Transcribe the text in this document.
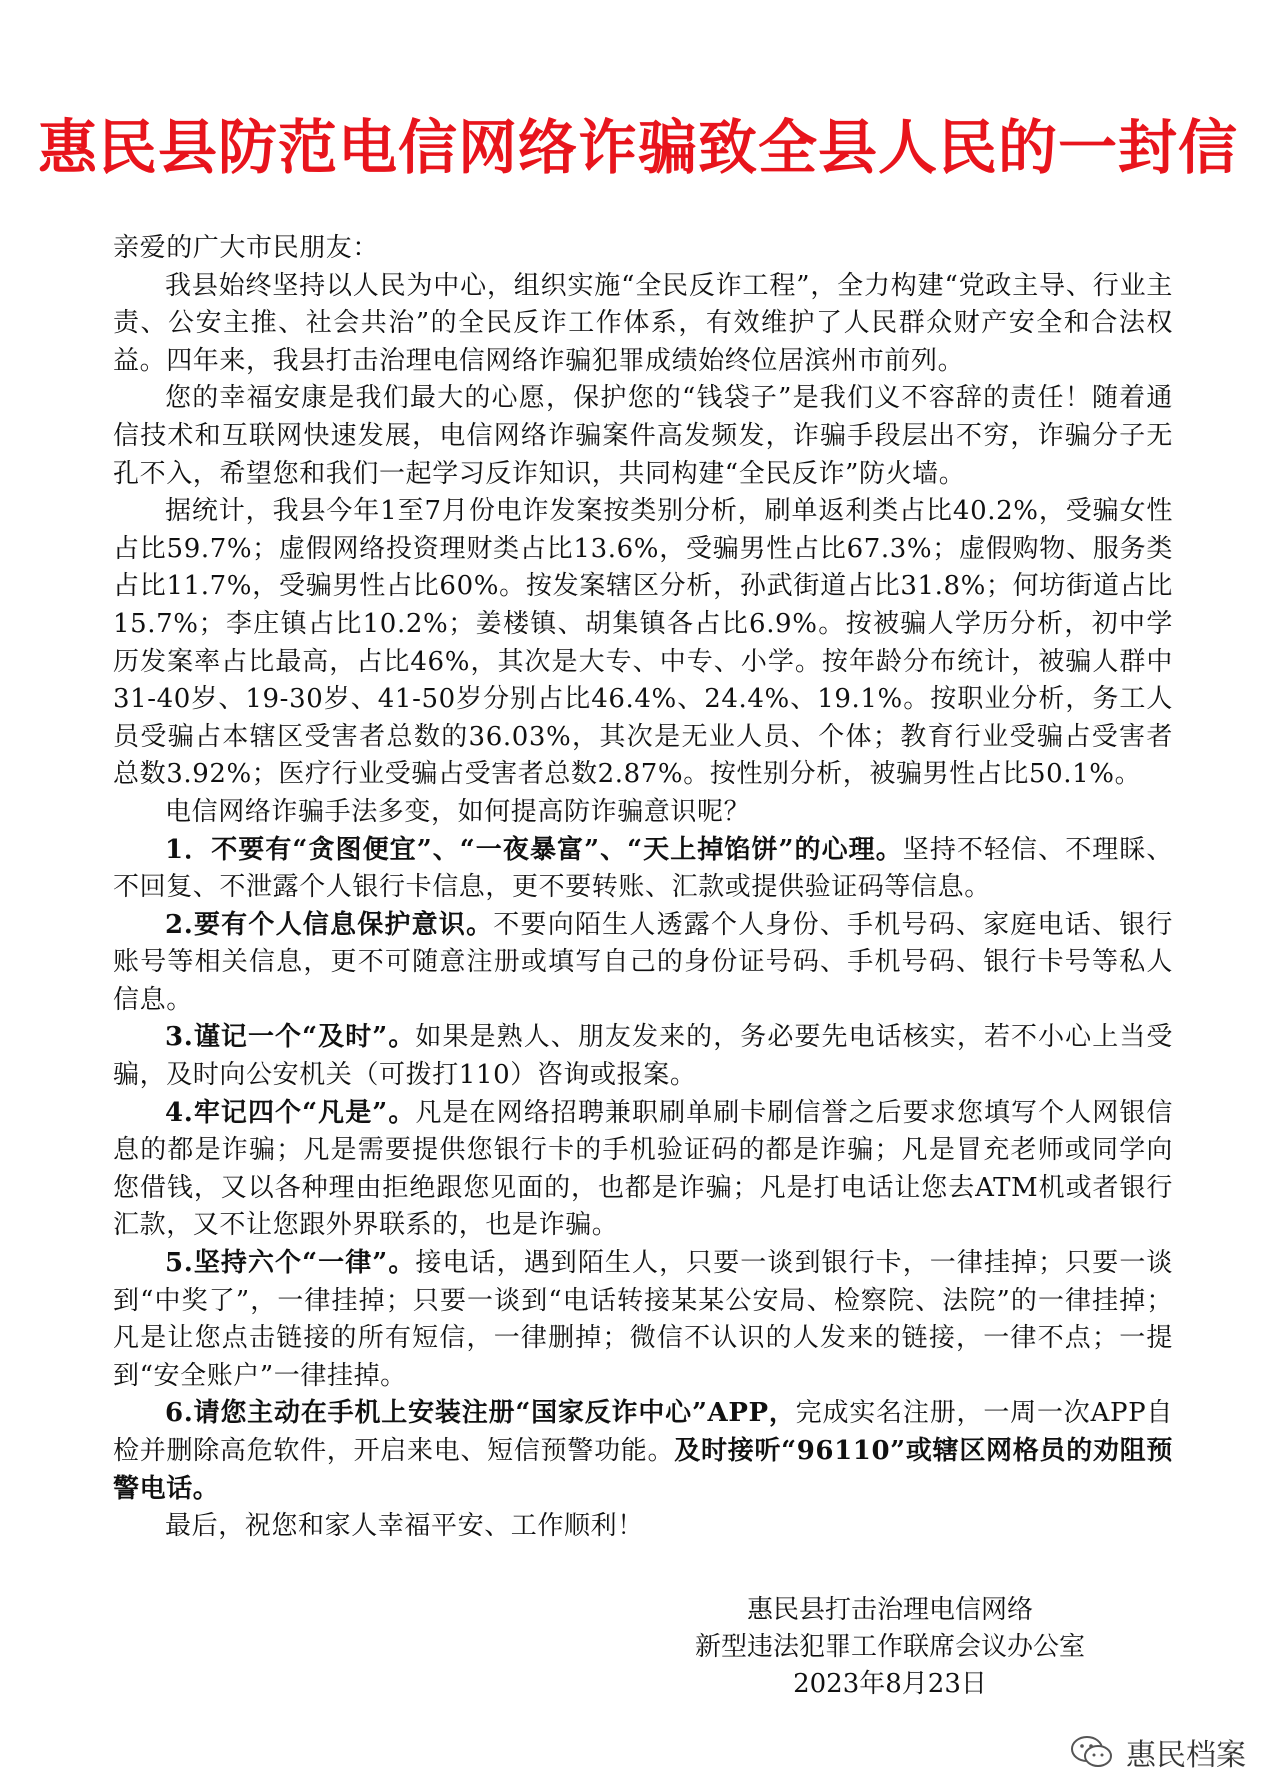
惠民县防范电信网络诈骗致全县人民的一封信

亲爱的广大市民朋友：

我县始终坚持以人民为中心，组织实施“全民反诈工程”，全力构建“党政主导、行业主责、公安主推、社会共治”的全民反诈工作体系，有效维护了人民群众财产安全和合法权益。四年来，我县打击治理电信网络诈骗犯罪成绩始终位居滨州市前列。

您的幸福安康是我们最大的心愿，保护您的“钱袋子”是我们义不容辞的责任！随着通信技术和互联网快速发展，电信网络诈骗案件高发频发，诈骗手段层出不穷，诈骗分子无孔不入，希望您和我们一起学习反诈知识，共同构建“全民反诈”防火墙。

据统计，我县今年1至7月份电诈发案按类别分析，刷单返利类占比40.2%，受骗女性占比59.7%；虚假网络投资理财类占比13.6%，受骗男性占比67.3%；虚假购物、服务类占比11.7%，受骗男性占比60%。按发案辖区分析，孙武街道占比31.8%；何坊街道占比15.7%；李庄镇占比10.2%；姜楼镇、胡集镇各占比6.9%。按被骗人学历分析，初中学历发案率占比最高，占比46%，其次是大专、中专、小学。按年龄分布统计，被骗人群中31-40岁、19-30岁、41-50岁分别占比46.4%、24.4%、19.1%。按职业分析，务工人员受骗占本辖区受害者总数的36.03%，其次是无业人员、个体；教育行业受骗占受害者总数3.92%；医疗行业受骗占受害者总数2.87%。按性别分析，被骗男性占比50.1%。

电信网络诈骗手法多变，如何提高防诈骗意识呢？

1．不要有“贪图便宜”、“一夜暴富”、“天上掉馅饼”的心理。坚持不轻信、不理睬、不回复、不泄露个人银行卡信息，更不要转账、汇款或提供验证码等信息。

2.要有个人信息保护意识。不要向陌生人透露个人身份、手机号码、家庭电话、银行账号等相关信息，更不可随意注册或填写自己的身份证号码、手机号码、银行卡号等私人信息。

3.谨记一个“及时”。如果是熟人、朋友发来的，务必要先电话核实，若不小心上当受骗，及时向公安机关（可拨打110）咨询或报案。

4.牢记四个“凡是”。凡是在网络招聘兼职刷单刷卡刷信誉之后要求您填写个人网银信息的都是诈骗；凡是需要提供您银行卡的手机验证码的都是诈骗；凡是冒充老师或同学向您借钱，又以各种理由拒绝跟您见面的，也都是诈骗；凡是打电话让您去ATM机或者银行汇款，又不让您跟外界联系的，也是诈骗。

5.坚持六个“一律”。接电话，遇到陌生人，只要一谈到银行卡，一律挂掉；只要一谈到“中奖了”，一律挂掉；只要一谈到“电话转接某某公安局、检察院、法院”的一律挂掉；凡是让您点击链接的所有短信，一律删掉；微信不认识的人发来的链接，一律不点；一提到“安全账户”一律挂掉。

6.请您主动在手机上安装注册“国家反诈中心”APP，完成实名注册，一周一次APP自检并删除高危软件，开启来电、短信预警功能。及时接听“96110”或辖区网格员的劝阻预警电话。

最后，祝您和家人幸福平安、工作顺利！

惠民县打击治理电信网络
新型违法犯罪工作联席会议办公室
2023年8月23日
惠民档案
